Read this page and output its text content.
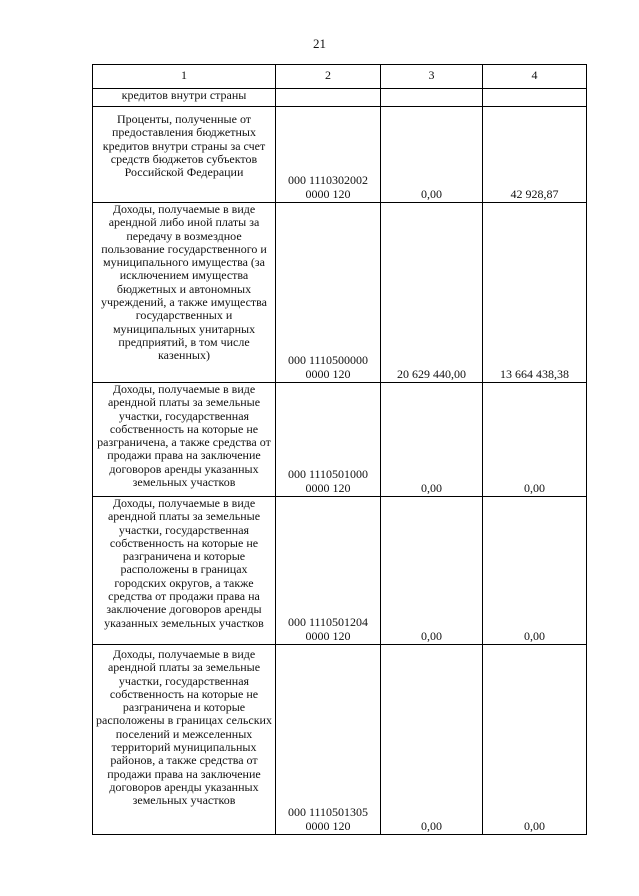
21
1	2	3	4
кредитов внутри страны			
Проценты, полученные от предоставления бюджетных кредитов внутри страны за счет средств бюджетов субъектов Российской Федерации	000 1110302002 0000 120	0,00	42 928,87
Доходы, получаемые в виде арендной либо иной платы за передачу в возмездное пользование государственного и муниципального имущества (за исключением имущества бюджетных и автономных учреждений, а также имущества государственных и муниципальных унитарных предприятий, в том числе казенных)	000 1110500000 0000 120	20 629 440,00	13 664 438,38
Доходы, получаемые в виде арендной платы за земельные участки, государственная собственность на которые не разграничена, а также средства от продажи права на заключение договоров аренды указанных земельных участков	000 1110501000 0000 120	0,00	0,00
Доходы, получаемые в виде арендной платы за земельные участки, государственная собственность на которые не разграничена и которые расположены в границах городских округов, а также средства от продажи права на заключение договоров аренды указанных земельных участков	000 1110501204 0000 120	0,00	0,00
Доходы, получаемые в виде арендной платы за земельные участки, государственная собственность на которые не разграничена и которые расположены в границах сельских поселений и межселенных территорий муниципальных районов, а также средства от продажи права на заключение договоров аренды указанных земельных участков	000 1110501305 0000 120	0,00	0,00
